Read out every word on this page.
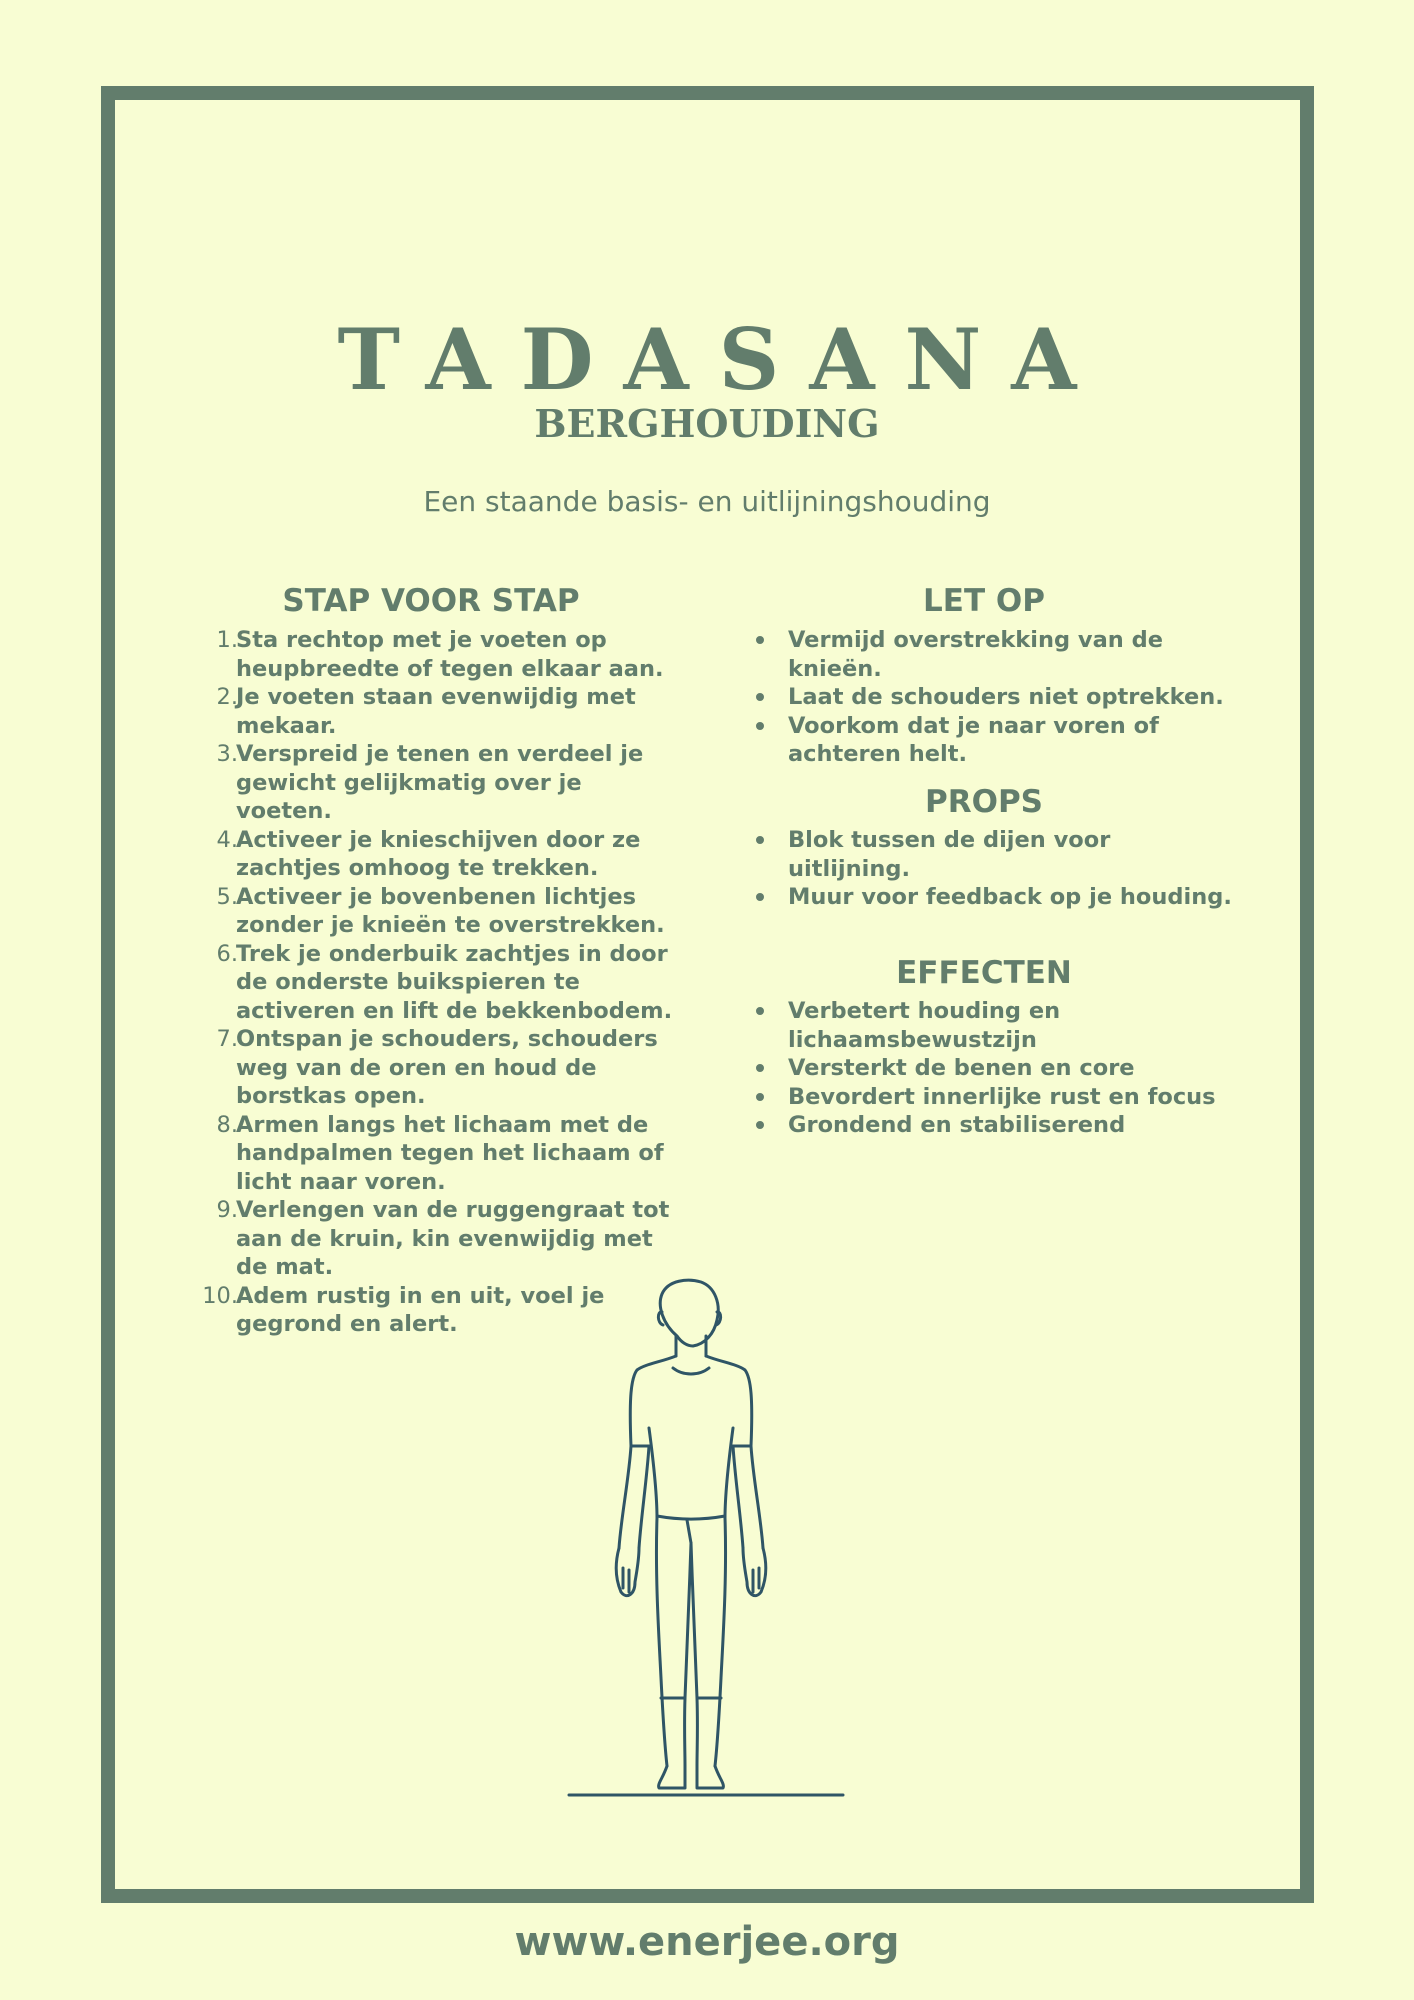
TADASANA
BERGHOUDING

Een staande basis- en uitlijningshouding

STAP VOOR STAP
1.
Sta rechtop met je voeten op heupbreedte of tegen elkaar aan.
2.
Je voeten staan evenwijdig met mekaar.
3.
Verspreid je tenen en verdeel je gewicht gelijkmatig over je voeten.
4.
Activeer je knieschijven door ze zachtjes omhoog te trekken.
5.
Activeer je bovenbenen lichtjes zonder je knieën te overstrekken.
6.
Trek je onderbuik zachtjes in door de onderste buikspieren te activeren en lift de bekkenbodem.
7.
Ontspan je schouders, schouders weg van de oren en houd de borstkas open.
8.
Armen langs het lichaam met de handpalmen tegen het lichaam of licht naar voren.
9.
Verlengen van de ruggengraat tot aan de kruin, kin evenwijdig met de mat.
10.
Adem rustig in en uit, voel je gegrond en alert.
LET OP
Vermijd overstrekking van de knieën.
Laat de schouders niet optrekken.
Voorkom dat je naar voren of achteren helt.
PROPS
Blok tussen de dijen voor uitlijning.
Muur voor feedback op je houding.
EFFECTEN
Verbetert houding en lichaamsbewustzijn
Versterkt de benen en core
Bevordert innerlijke rust en focus
Grondend en stabiliserend

www.enerjee.org
